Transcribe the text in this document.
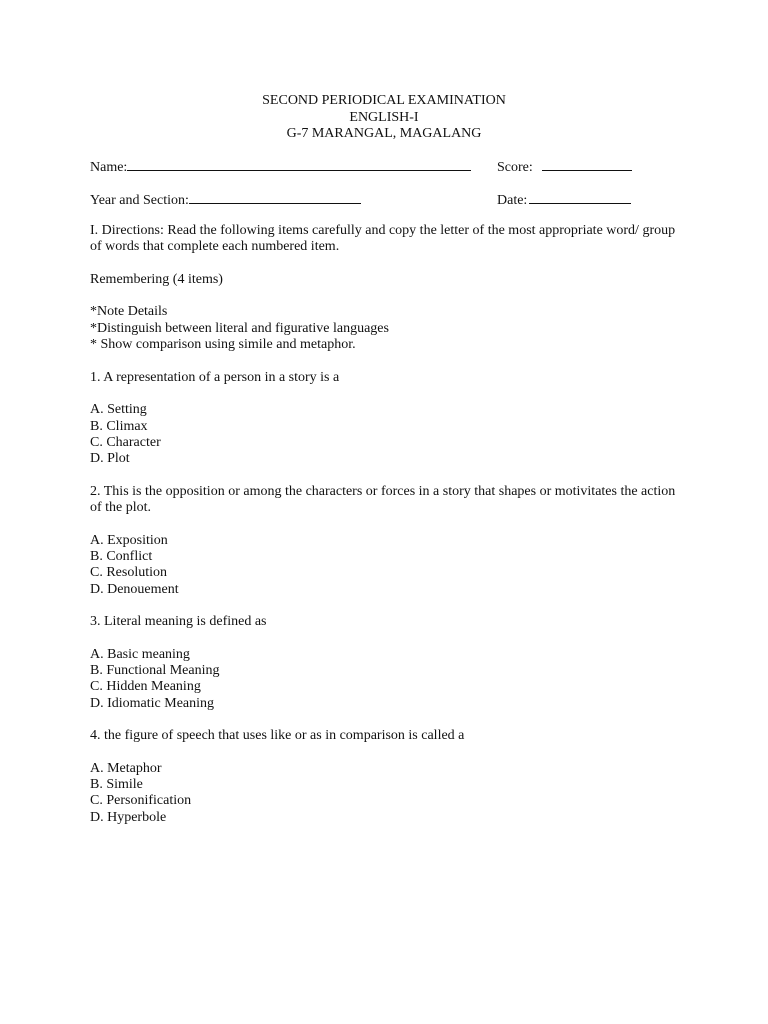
SECOND PERIODICAL EXAMINATION
ENGLISH-I
G-7 MARANGAL, MAGALANG
Name:	Score:
Year and Section:	Date:

I. Directions: Read the following items carefully and copy the letter of the most appropriate word/ group of words that complete each numbered item.

Remembering (4 items)

*Note Details

*Distinguish between literal and figurative languages

* Show comparison using simile and metaphor.

1. A representation of a person in a story is a

A. Setting

B. Climax

C. Character

D. Plot

2. This is the opposition or among the characters or forces in a story that shapes or motivitates the action of the plot.

A. Exposition

B. Conflict

C. Resolution

D. Denouement

3. Literal meaning is defined as

A. Basic meaning

B. Functional Meaning

C. Hidden Meaning

D. Idiomatic Meaning

4. the figure of speech that uses like or as in comparison is called a

A. Metaphor

B. Simile

C. Personification

D. Hyperbole
